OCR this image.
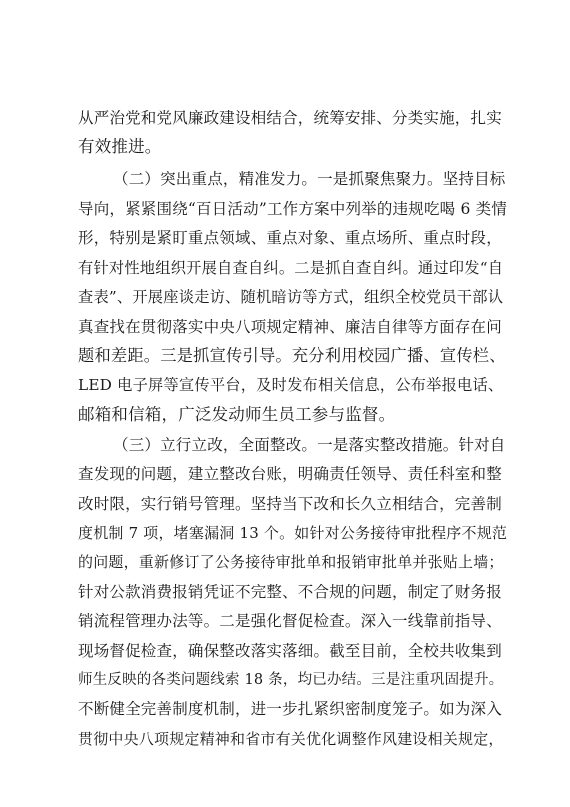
从严治党和党风廉政建设相结合，统筹安排、分类实施，扎实
有效推进。
（二）突出重点，精准发力。一是抓聚焦聚力。坚持目标
导向，紧紧围绕“百日活动”工作方案中列举的违规吃喝 6 类情
形，特别是紧盯重点领域、重点对象、重点场所、重点时段，
有针对性地组织开展自查自纠。二是抓自查自纠。通过印发“自
查表”、开展座谈走访、随机暗访等方式，组织全校党员干部认
真查找在贯彻落实中央八项规定精神、廉洁自律等方面存在问
题和差距。三是抓宣传引导。充分利用校园广播、宣传栏、
LED 电子屏等宣传平台，及时发布相关信息，公布举报电话、
邮箱和信箱，广泛发动师生员工参与监督。
（三）立行立改，全面整改。一是落实整改措施。针对自
查发现的问题，建立整改台账，明确责任领导、责任科室和整
改时限，实行销号管理。坚持当下改和长久立相结合，完善制
度机制 7 项，堵塞漏洞 13 个。如针对公务接待审批程序不规范
的问题，重新修订了公务接待审批单和报销审批单并张贴上墙；
针对公款消费报销凭证不完整、不合规的问题，制定了财务报
销流程管理办法等。二是强化督促检查。深入一线靠前指导、
现场督促检查，确保整改落实落细。截至目前，全校共收集到
师生反映的各类问题线索 18 条，均已办结。三是注重巩固提升。
不断健全完善制度机制，进一步扎紧织密制度笼子。如为深入
贯彻中央八项规定精神和省市有关优化调整作风建设相关规定，
